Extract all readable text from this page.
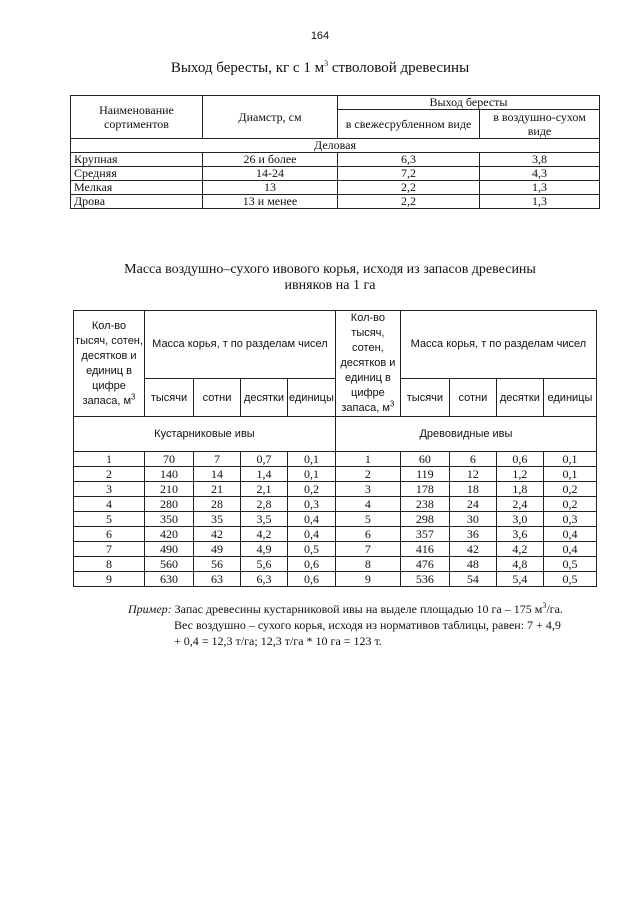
164
Выход бересты, кг с 1 $м^3$ стволовой древесины
Наименование сортиментов	Диамстр, см	Выход бересты	
		в свежесрубленном виде	в воздушно-сухом виде
Деловая			
Крупная	26 и более	6,3	3,8
Средняя	14-24	7,2	4,3
Мелкая	13	2,2	1,3
Дрова	13 и менее	2,2	1,3
Масса воздушно–сухого ивового корья, исходя из запасов древесины
ивняков на 1 га
Кол-во тысяч, сотен, десятков и единиц в цифре запаса, $м^3$	Масса корья, т по разделам чисел				Кол-во тысяч, сотен, десятков и единиц в цифре запаса, $м^3$	Масса корья, т по разделам чисел			
	тысячи	сотни	десятки	единицы		тысячи	сотни	десятки	единицы
Кустарниковые ивы					Древовидные ивы				
1	70	7	0,7	0,1	1	60	6	0,6	0,1
2	140	14	1,4	0,1	2	119	12	1,2	0,1
3	210	21	2,1	0,2	3	178	18	1,8	0,2
4	280	28	2,8	0,3	4	238	24	2,4	0,2
5	350	35	3,5	0,4	5	298	30	3,0	0,3
6	420	42	4,2	0,4	6	357	36	3,6	0,4
7	490	49	4,9	0,5	7	416	42	4,2	0,4
8	560	56	5,6	0,6	8	476	48	4,8	0,5
9	630	63	6,3	0,6	9	536	54	5,4	0,5
Пример: Запас древесины кустарниковой ивы на выделе площадью 10 га – 175 $м^3/га$.
Вес воздушно – сухого корья, исходя из нормативов таблицы, равен: 7 + 4,9
+ 0,4 = 12,3 т/га; 12,3 т/га * 10 га = 123 т.
